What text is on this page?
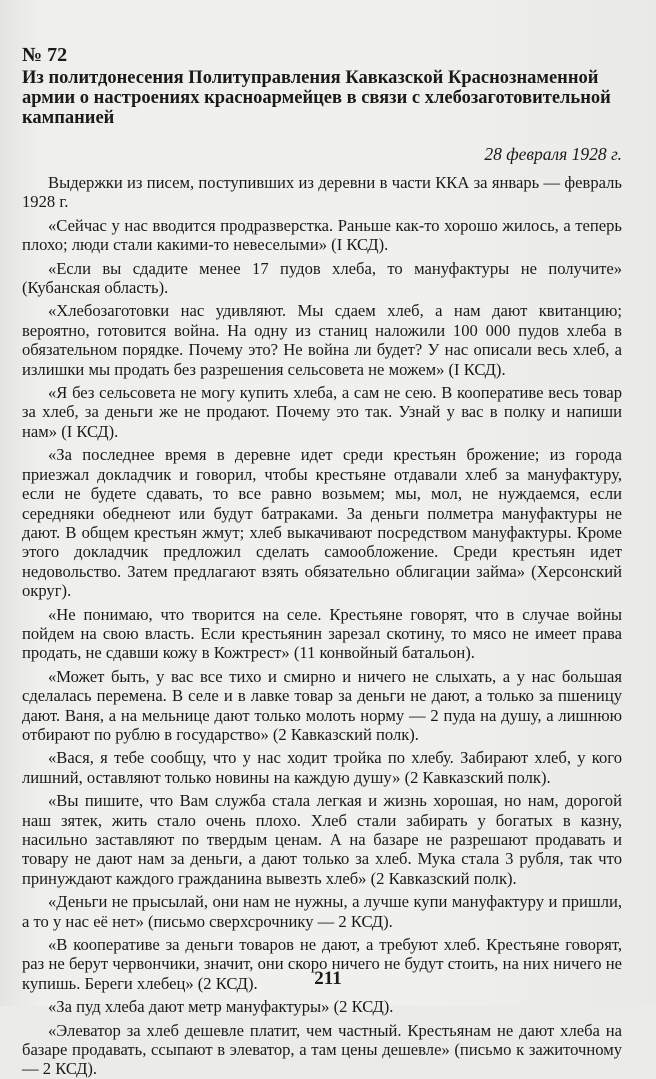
№ 72
Из политдонесения Политуправления Кавказской Краснознаменной армии о настроениях красноармейцев в связи с хлебозаготовительной кампанией
28 февраля 1928 г.

Выдержки из писем, поступивших из деревни в части ККА за январь — февраль 1928 г.

«Сейчас у нас вводится продразверстка. Раньше как-то хорошо жилось, а теперь плохо; люди стали какими-то невеселыми» (I КСД).

«Если вы сдадите менее 17 пудов хлеба, то мануфактуры не получите» (Кубанская область).

«Хлебозаготовки нас удивляют. Мы сдаем хлеб, а нам дают квитанцию; вероятно, готовится война. На одну из станиц наложили 100 000 пудов хлеба в обязательном порядке. Почему это? Не война ли будет? У нас описали весь хлеб, а излишки мы продать без разрешения сельсовета не можем» (I КСД).

«Я без сельсовета не могу купить хлеба, а сам не сею. В кооперативе весь товар за хлеб, за деньги же не продают. Почему это так. Узнай у вас в полку и напиши нам» (I КСД).

«За последнее время в деревне идет среди крестьян брожение; из города приезжал докладчик и говорил, чтобы крестьяне отдавали хлеб за мануфактуру, если не будете сдавать, то все равно возьмем; мы, мол, не нуждаемся, если середняки обеднеют или будут батраками. За деньги полметра мануфактуры не дают. В общем крестьян жмут; хлеб выкачивают посредством мануфактуры. Кроме этого докладчик предложил сделать самообложение. Среди крестьян идет недовольство. Затем предлагают взять обязательно облигации займа» (Херсонский округ).

«Не понимаю, что творится на селе. Крестьяне говорят, что в случае войны пойдем на свою власть. Если крестьянин зарезал скотину, то мясо не имеет права продать, не сдавши кожу в Кожтрест» (11 конвойный батальон).

«Может быть, у вас все тихо и смирно и ничего не слыхать, а у нас большая сделалась перемена. В селе и в лавке товар за деньги не дают, а только за пшеницу дают. Ваня, а на мельнице дают только молоть норму — 2 пуда на душу, а лишнюю отбирают по рублю в государство» (2 Кавказский полк).

«Вася, я тебе сообщу, что у нас ходит тройка по хлебу. Забирают хлеб, у кого лишний, оставляют только новины на каждую душу» (2 Кавказский полк).

«Вы пишите, что Вам служба стала легкая и жизнь хорошая, но нам, дорогой наш зятек, жить стало очень плохо. Хлеб стали забирать у богатых в казну, насильно заставляют по твердым ценам. А на базаре не разрешают продавать и товару не дают нам за деньги, а дают только за хлеб. Мука стала 3 рубля, так что принуждают каждого гражданина вывезть хлеб» (2 Кавказский полк).

«Деньги не прысылай, они нам не нужны, а лучше купи мануфактуру и пришли, а то у нас её нет» (письмо сверхсрочнику — 2 КСД).

«В кооперативе за деньги товаров не дают, а требуют хлеб. Крестьяне говорят, раз не берут червончики, значит, они скоро ничего не будут стоить, на них ничего не купишь. Береги хлебец» (2 КСД).

«За пуд хлеба дают метр мануфактуры» (2 КСД).

«Элеватор за хлеб дешевле платит, чем частный. Крестьянам не дают хлеба на базаре продавать, ссыпают в элеватор, а там цены дешевле» (письмо к зажиточному — 2 КСД).

211
